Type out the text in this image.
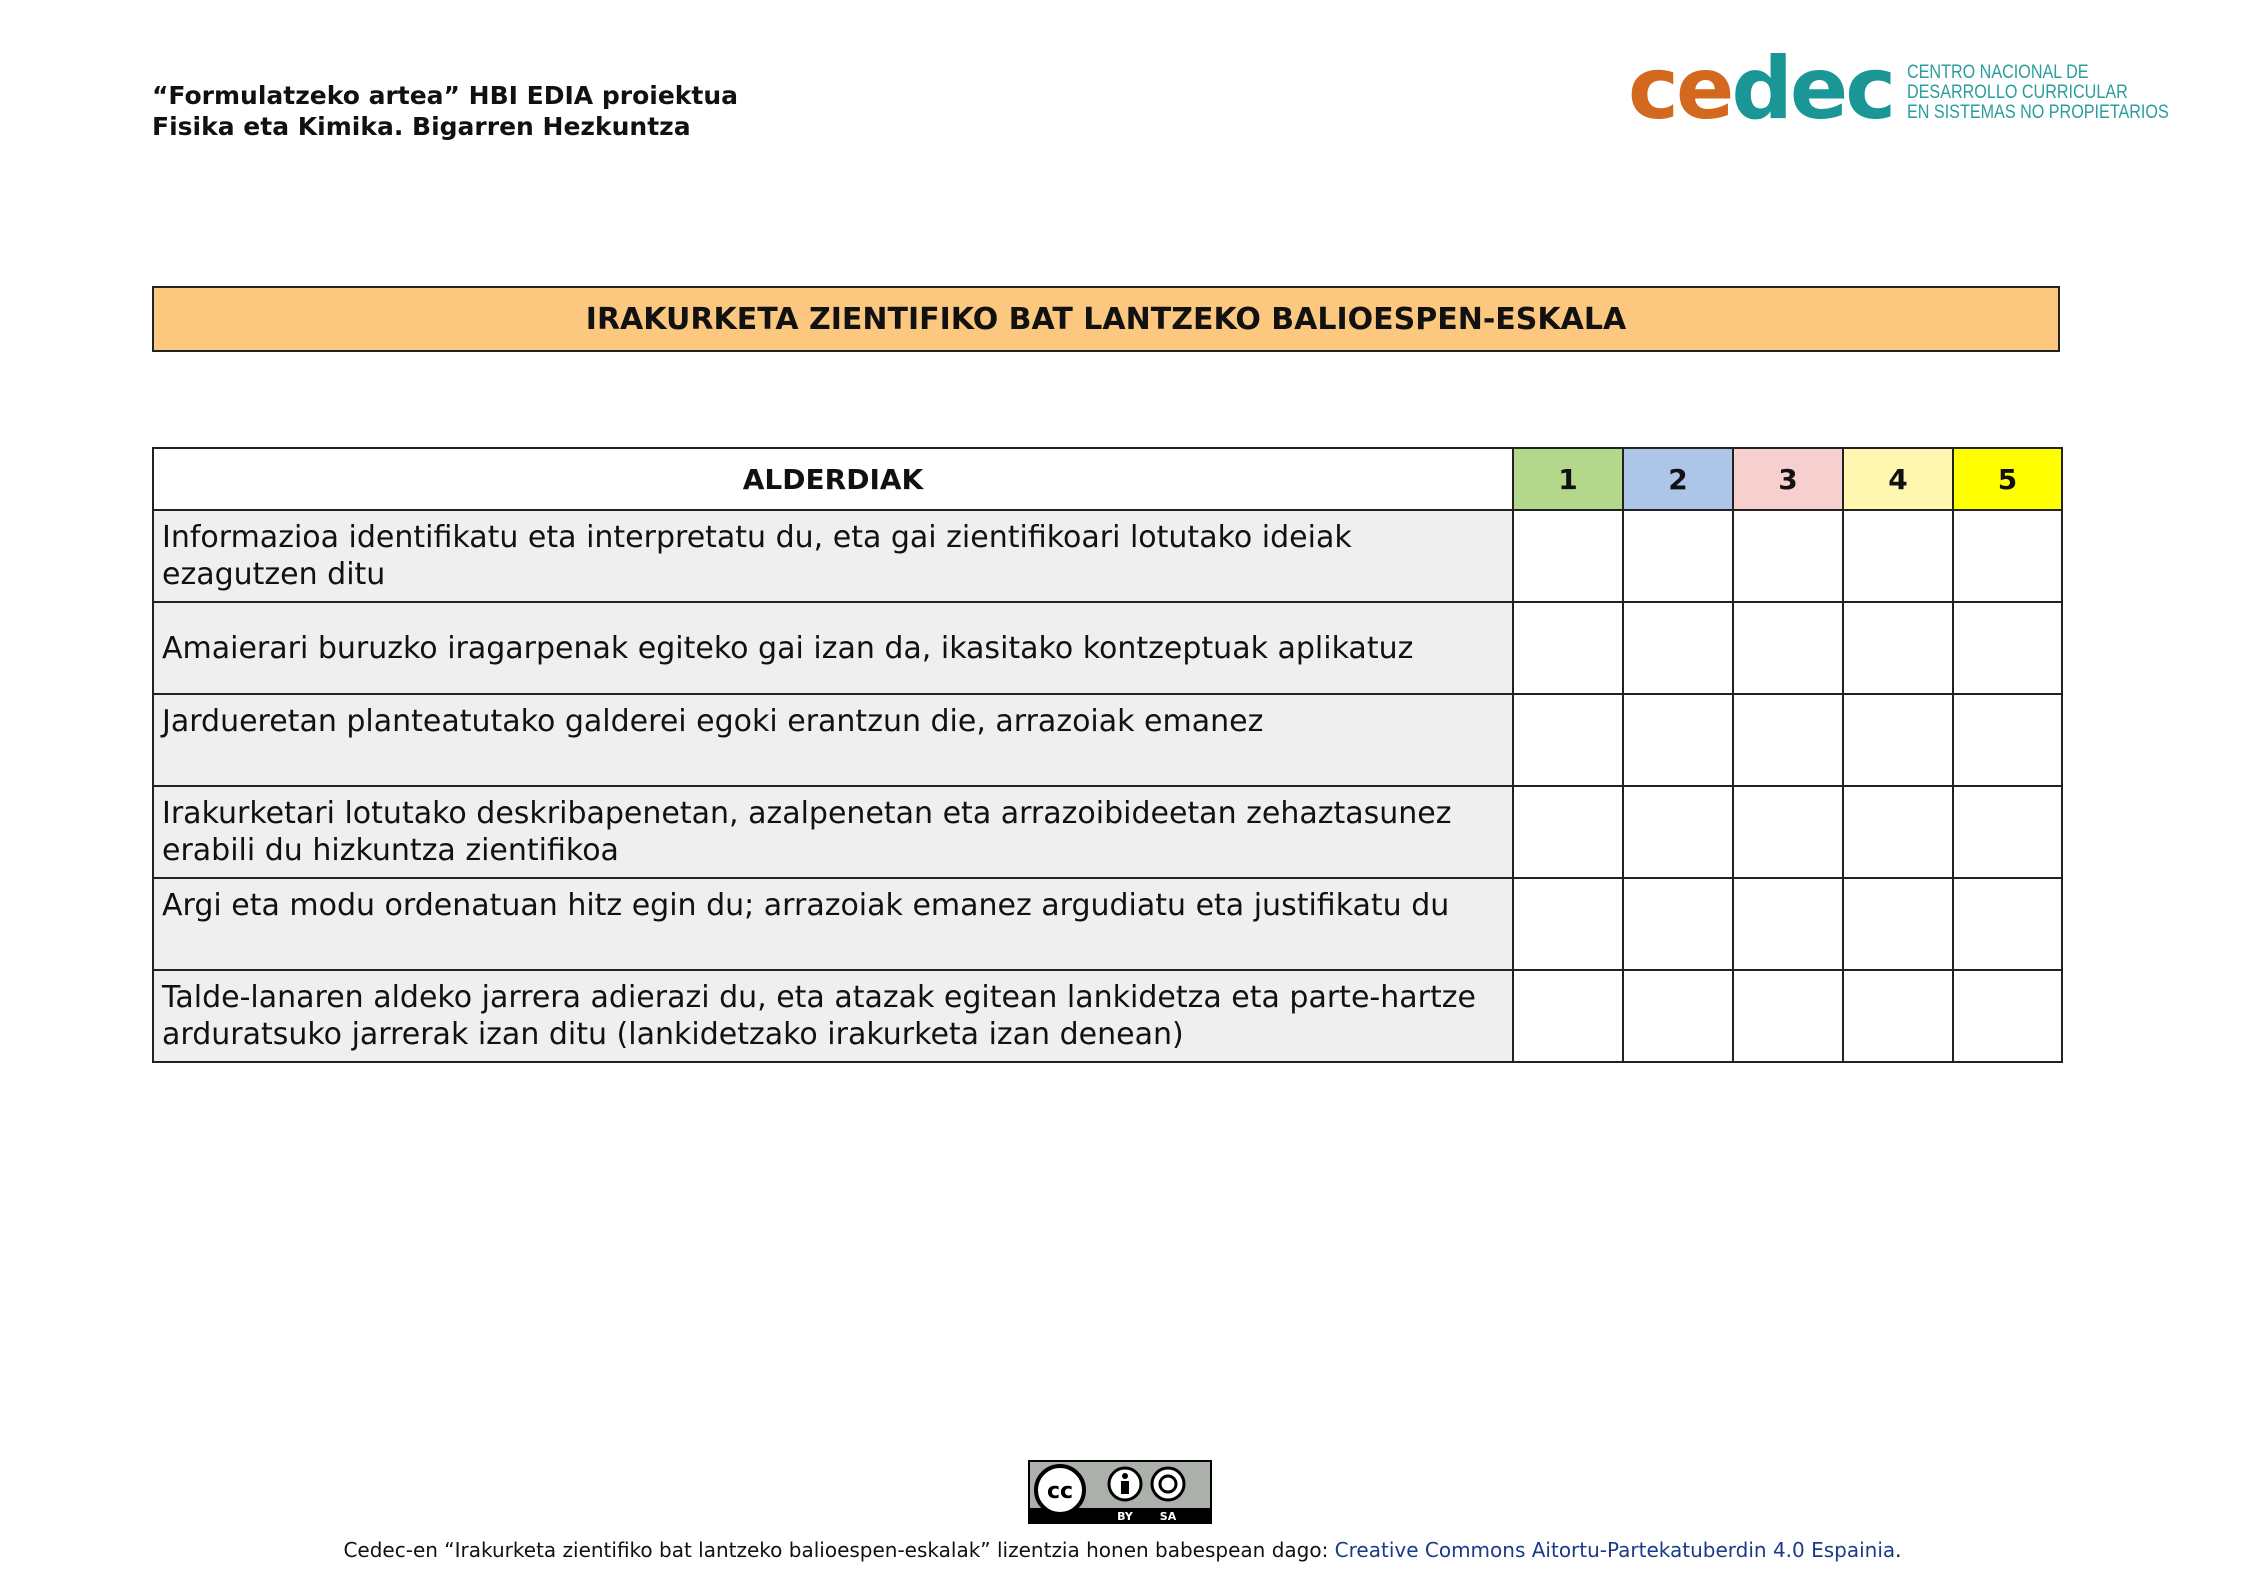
“Formulatzeko artea” HBI EDIA proiektua
Fisika eta Kimika. Bigarren Hezkuntza	cedec CENTRO NACIONAL DE
DESARROLLO CURRICULAR
EN SISTEMAS NO PROPIETARIOS
IRAKURKETA ZIENTIFIKO BAT LANTZEKO BALIOESPEN-ESKALA
ALDERDIAK	1	2	3	4	5
Informazioa identifikatu eta interpretatu du, eta gai zientifikoari lotutako ideiak ezagutzen ditu					
Amaierari buruzko iragarpenak egiteko gai izan da, ikasitako kontzeptuak aplikatuz					
Jardueretan planteatutako galderei egoki erantzun die, arrazoiak emanez					
Irakurketari lotutako deskribapenetan, azalpenetan eta arrazoibideetan zehaztasunez erabili du hizkuntza zientifikoa					
Argi eta modu ordenatuan hitz egin du; arrazoiak emanez argudiatu eta justifikatu du					
Talde-lanaren aldeko jarrera adierazi du, eta atazak egitean lankidetza eta parte-hartze arduratsuko jarrerak izan ditu (lankidetzako irakurketa izan denean)					
cc
BY SA
Cedec-en “Irakurketa zientifiko bat lantzeko balioespen-eskalak” lizentzia honen babespean dago: Creative Commons Aitortu-Partekatuberdin 4.0 Espainia.
